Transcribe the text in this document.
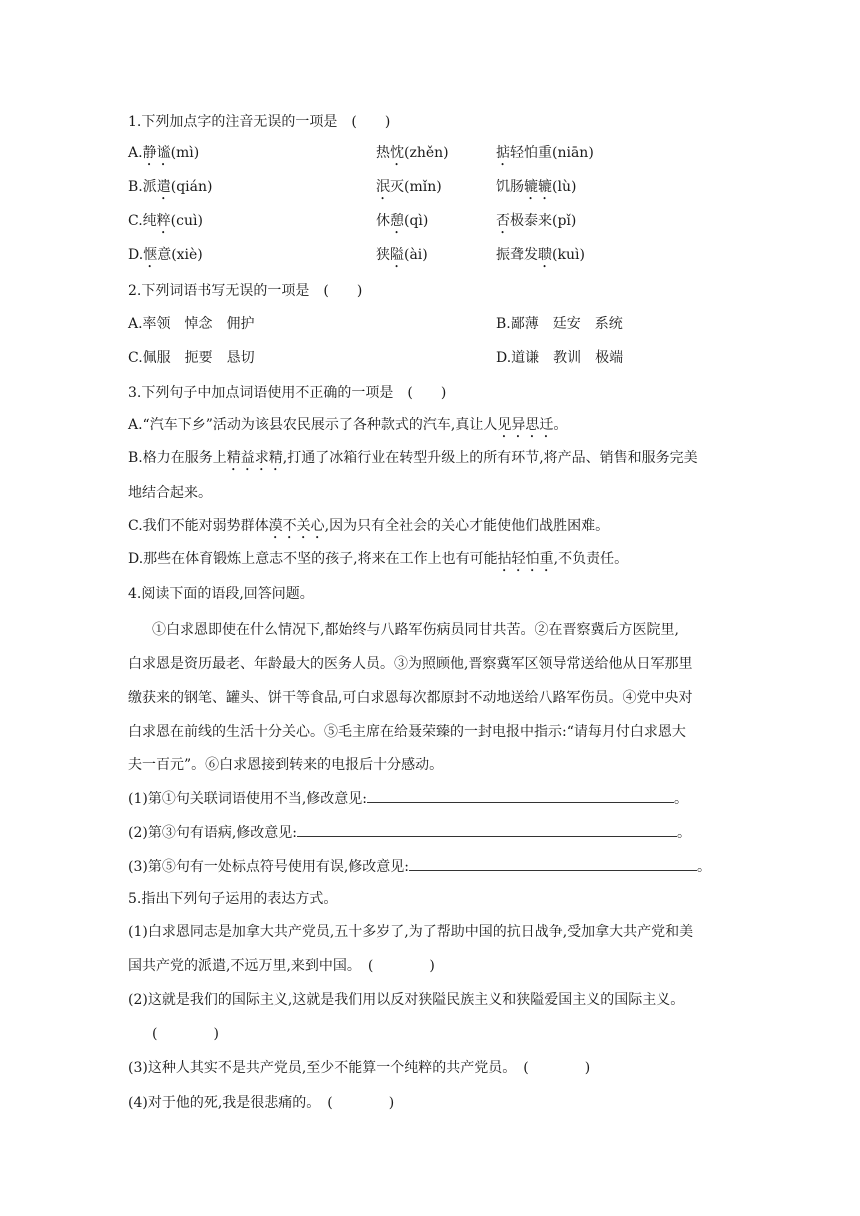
1.下列加点字的注音无误的一项是　(　　)
A.静谧(mì)	热忱(zhěn)	掂轻怕重(niān)
B.派遣(qián)	泯灭(mǐn)	饥肠辘辘(lù)
C.纯粹(cuì)	休憩(qì)	否极泰来(pǐ)
D.惬意(xiè)	狭隘(ài)	振聋发聩(kuì)
2.下列词语书写无误的一项是　(　　)
A.率领　悼念　佣护	B.鄙薄　廷安　系统
C.佩服　扼要　恳切	D.道谦　教训　极端
3.下列句子中加点词语使用不正确的一项是　(　　)
A.“汽车下乡”活动为该县农民展示了各种款式的汽车,真让人见异思迁。
B.格力在服务上精益求精,打通了冰箱行业在转型升级上的所有环节,将产品、销售和服务完美
地结合起来。
C.我们不能对弱势群体漠不关心,因为只有全社会的关心才能使他们战胜困难。
D.那些在体育锻炼上意志不坚的孩子,将来在工作上也有可能拈轻怕重,不负责任。
4.阅读下面的语段,回答问题。
①白求恩即使在什么情况下,都始终与八路军伤病员同甘共苦。②在晋察冀后方医院里,
白求恩是资历最老、年龄最大的医务人员。③为照顾他,晋察冀军区领导常送给他从日军那里
缴获来的钢笔、罐头、饼干等食品,可白求恩每次都原封不动地送给八路军伤员。④党中央对
白求恩在前线的生活十分关心。⑤毛主席在给聂荣臻的一封电报中指示:“请每月付白求恩大
夫一百元”。⑥白求恩接到转来的电报后十分感动。
(1)第①句关联词语使用不当,修改意见:	。
(2)第③句有语病,修改意见:	。
(3)第⑤句有一处标点符号使用有误,修改意见:	。
5.指出下列句子运用的表达方式。
(1)白求恩同志是加拿大共产党员,五十多岁了,为了帮助中国的抗日战争,受加拿大共产党和美
国共产党的派遣,不远万里,来到中国。　(　　　　)
(2)这就是我们的国际主义,这就是我们用以反对狭隘民族主义和狭隘爱国主义的国际主义。
(　　　　)
(3)这种人其实不是共产党员,至少不能算一个纯粹的共产党员。　(　　　　)
(4)对于他的死,我是很悲痛的。　(　　　　)
